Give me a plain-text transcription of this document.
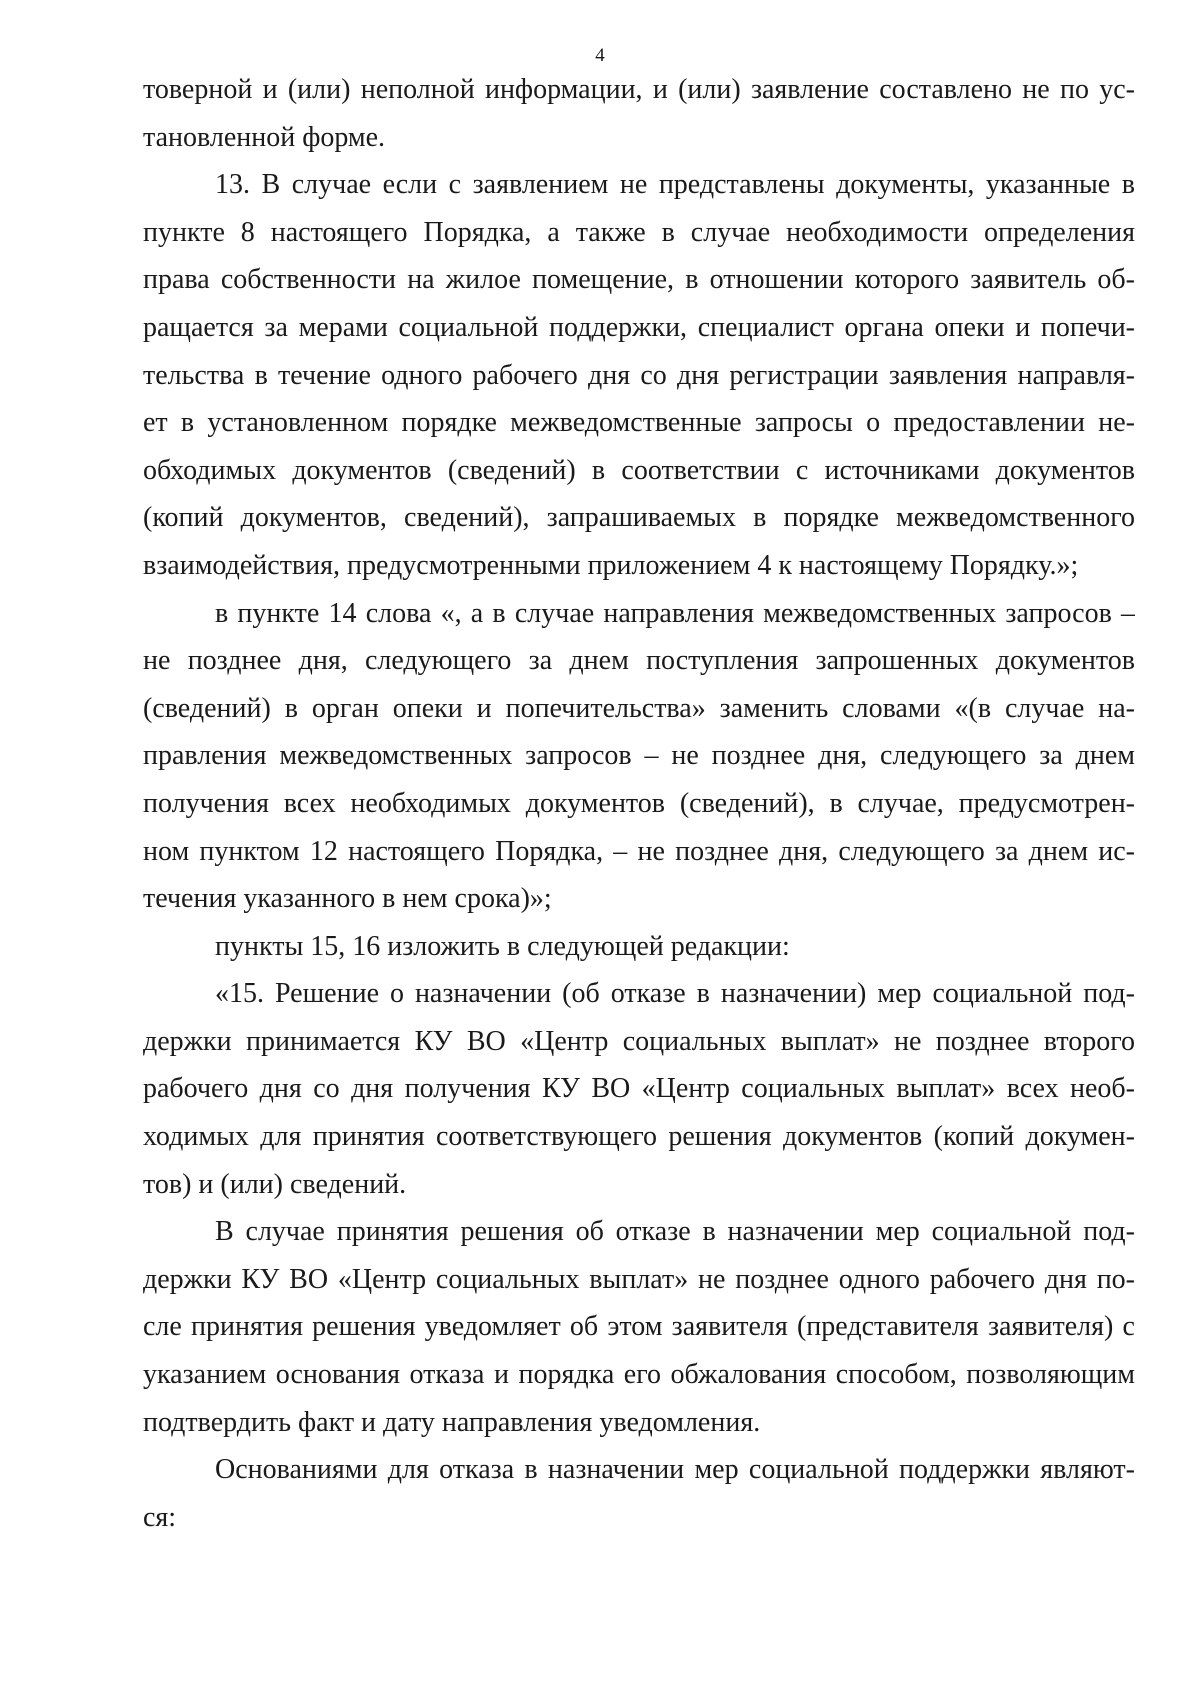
4
товерной и (или) неполной информации, и (или) заявление составлено не по ус-
тановленной форме.
13. В случае если с заявлением не представлены документы, указанные в
пункте 8 настоящего Порядка, а также в случае необходимости определения
права собственности на жилое помещение, в отношении которого заявитель об-
ращается за мерами социальной поддержки, специалист органа опеки и попечи-
тельства в течение одного рабочего дня со дня регистрации заявления направля-
ет в установленном порядке межведомственные запросы о предоставлении не-
обходимых документов (сведений) в соответствии с источниками документов
(копий документов, сведений), запрашиваемых в порядке межведомственного
взаимодействия, предусмотренными приложением 4 к настоящему Порядку.»;
в пункте 14 слова «, а в случае направления межведомственных запросов –
не позднее дня, следующего за днем поступления запрошенных документов
(сведений) в орган опеки и попечительства» заменить словами «(в случае на-
правления межведомственных запросов – не позднее дня, следующего за днем
получения всех необходимых документов (сведений), в случае, предусмотрен-
ном пунктом 12 настоящего Порядка, – не позднее дня, следующего за днем ис-
течения указанного в нем срока)»;
пункты 15, 16 изложить в следующей редакции:
«15. Решение о назначении (об отказе в назначении) мер социальной под-
держки принимается КУ ВО «Центр социальных выплат» не позднее второго
рабочего дня со дня получения КУ ВО «Центр социальных выплат» всех необ-
ходимых для принятия соответствующего решения документов (копий докумен-
тов) и (или) сведений.
В случае принятия решения об отказе в назначении мер социальной под-
держки КУ ВО «Центр социальных выплат» не позднее одного рабочего дня по-
сле принятия решения уведомляет об этом заявителя (представителя заявителя) с
указанием основания отказа и порядка его обжалования способом, позволяющим
подтвердить факт и дату направления уведомления.
Основаниями для отказа в назначении мер социальной поддержки являют-
ся:
